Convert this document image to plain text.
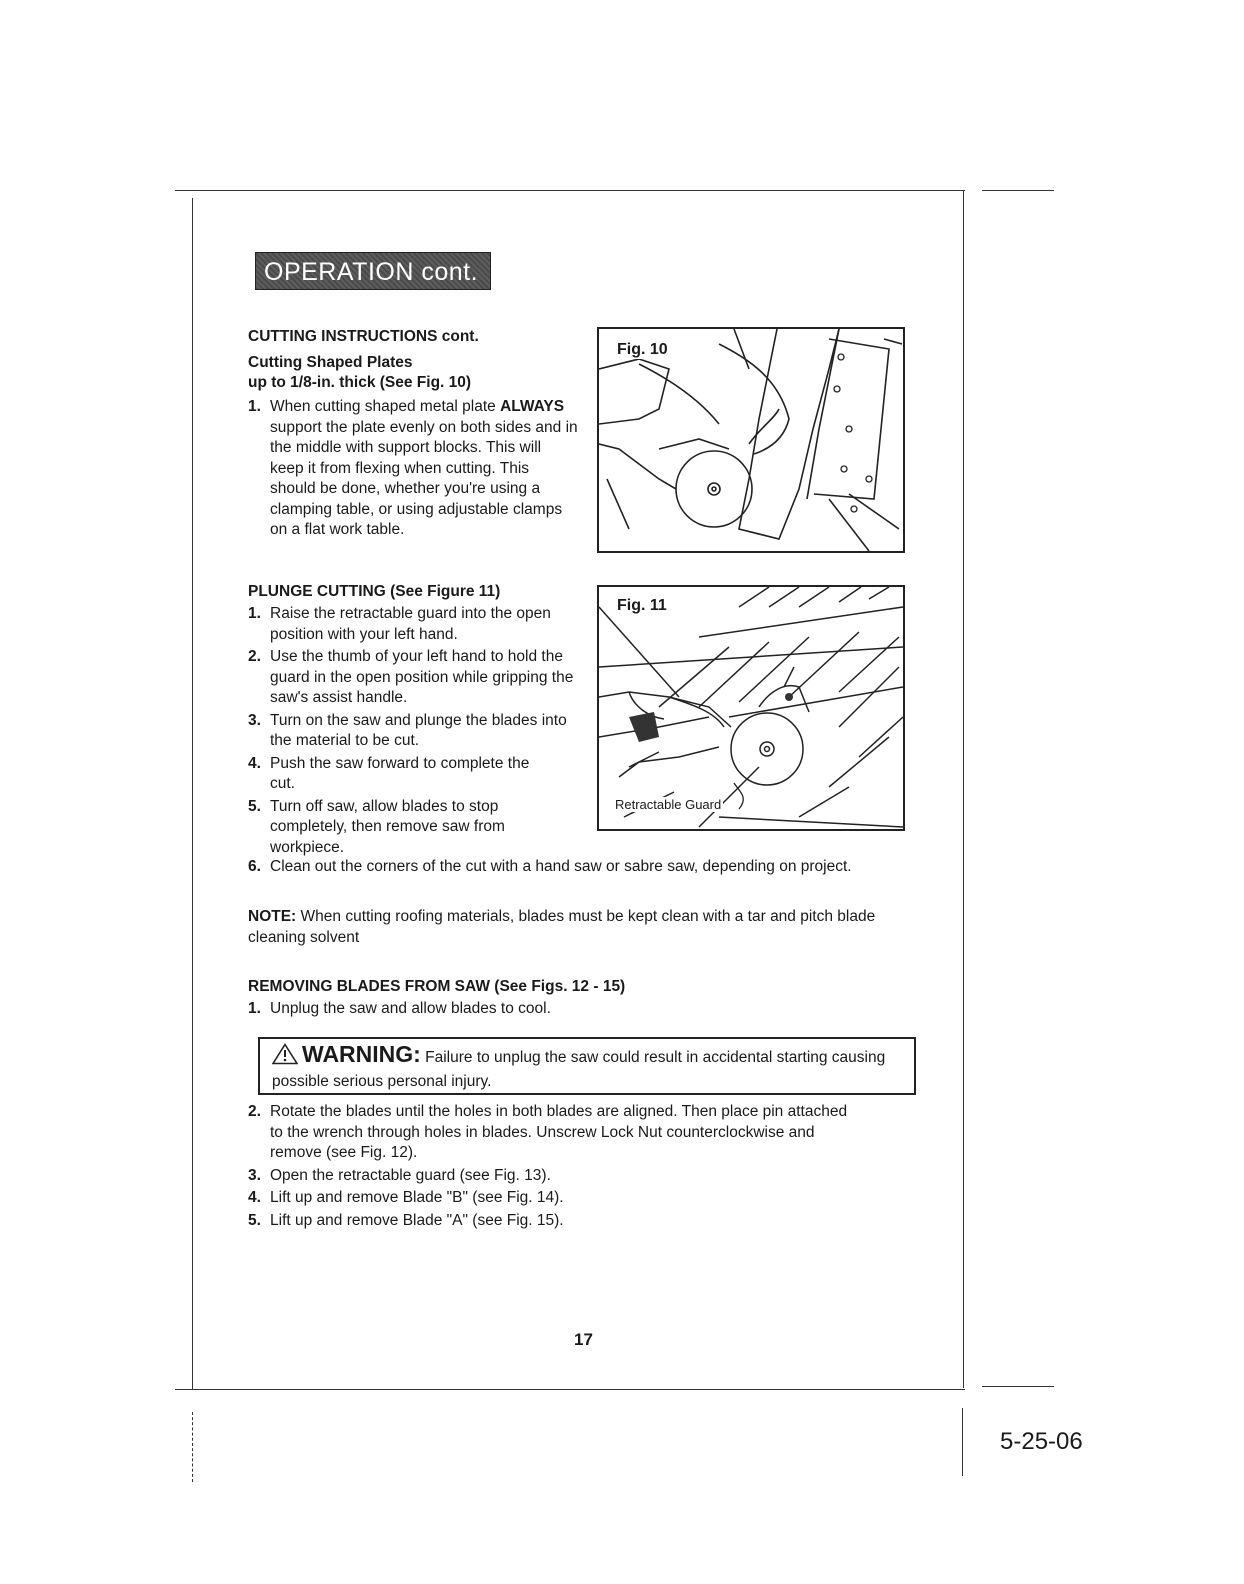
OPERATION cont.
CUTTING INSTRUCTIONS cont.
Cutting Shaped Plates
up to 1/8-in. thick (See Fig. 10)
1. When cutting shaped metal plate ALWAYS support the plate evenly on both sides and in the middle with support blocks. This will keep it from flexing when cutting. This should be done, whether you're using a clamping table, or using adjustable clamps on a flat work table.
Fig. 10
PLUNGE CUTTING (See Figure 11)
1. Raise the retractable guard into the open position with your left hand.
2. Use the thumb of your left hand to hold the guard in the open position while gripping the saw's assist handle.
3. Turn on the saw and plunge the blades into the material to be cut.
4. Push the saw forward to complete the cut.
5. Turn off saw, allow blades to stop completely, then remove saw from workpiece.
6. Clean out the corners of the cut with a hand saw or sabre saw, depending on project.
NOTE: When cutting roofing materials, blades must be kept clean with a tar and pitch blade cleaning solvent
Fig. 11
Retractable Guard
REMOVING BLADES FROM SAW (See Figs. 12 - 15)
1. Unplug the saw and allow blades to cool.
WARNING: Failure to unplug the saw could result in accidental starting causing possible serious personal injury.
2. Rotate the blades until the holes in both blades are aligned. Then place pin attached to the wrench through holes in blades. Unscrew Lock Nut counterclockwise and remove (see Fig. 12).
3. Open the retractable guard (see Fig. 13).
4. Lift up and remove Blade "B" (see Fig. 14).
5. Lift up and remove Blade "A" (see Fig. 15).
17
5-25-06
